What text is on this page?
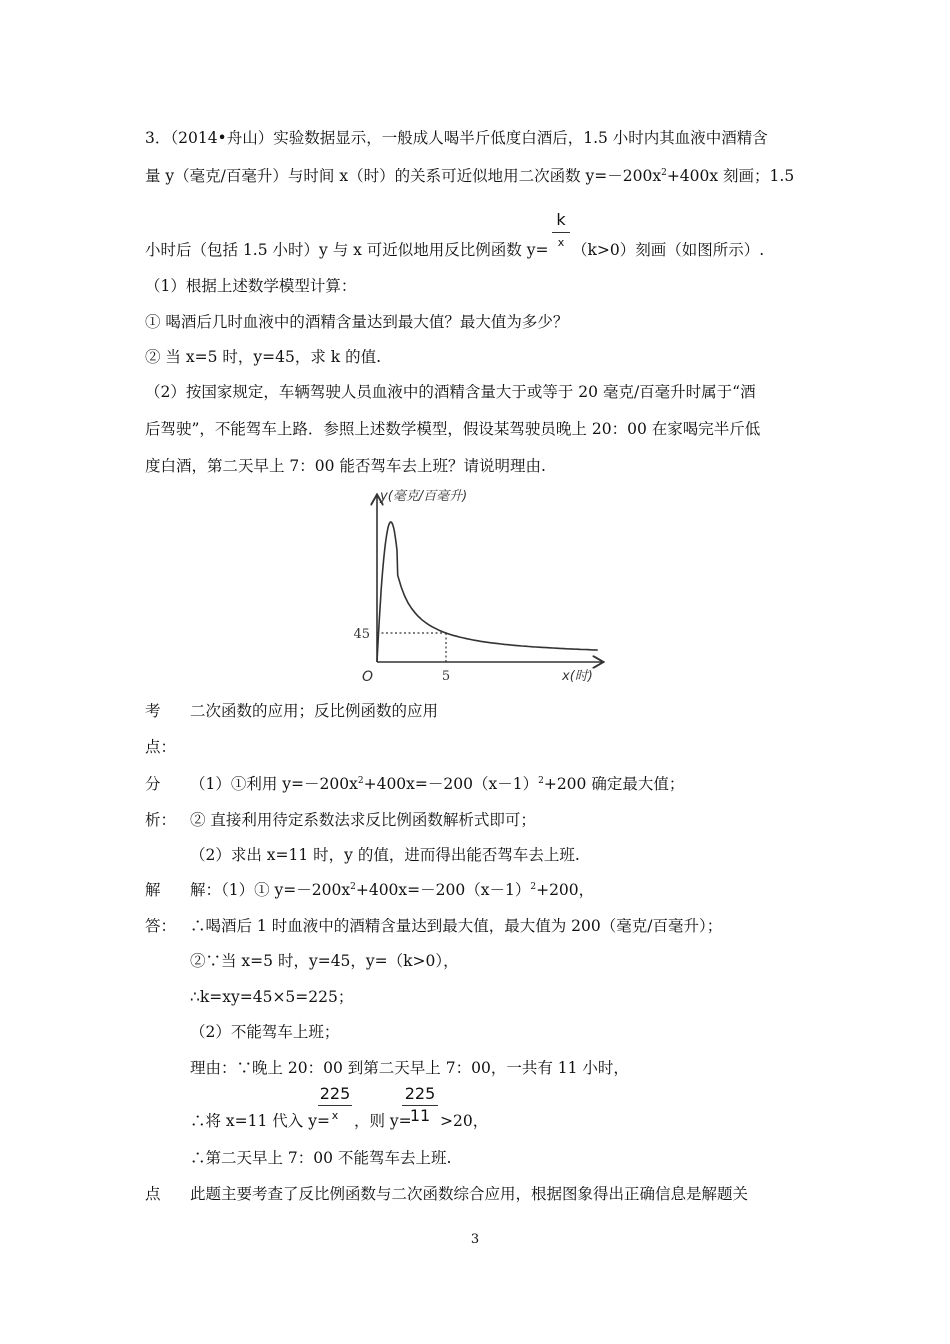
3．（2014•舟山）实验数据显示，一般成人喝半斤低度白酒后，1.5 小时内其血液中酒精含
量 y（毫克/百毫升）与时间 x（时）的关系可近似地用二次函数 $y=-200x^2+400x$ 刻画；1.5
k
x
小时后（包括 1.5 小时）y 与 x 可近似地用反比例函数 y= （k>0）刻画（如图所示）.
（1）根据上述数学模型计算：
① 喝酒后几时血液中的酒精含量达到最大值？最大值为多少？
② 当 x=5 时，y=45，求 k 的值.
（2）按国家规定，车辆驾驶人员血液中的酒精含量大于或等于 20 毫克/百毫升时属于“酒
后驾驶”，不能驾车上路．参照上述数学模型，假设某驾驶员晚上 20：00 在家喝完半斤低
度白酒，第二天早上 7：00 能否驾车去上班？请说明理由.
y(毫克/百毫升)
x(时)
O
45
5
考
点：
二次函数的应用；反比例函数的应用
分
析：
（1）①利用 $y=-200x^2+400x=-200(x-1)^2+200$ 确定最大值；
② 直接利用待定系数法求反比例函数解析式即可；
（2）求出 x=11 时，y 的值，进而得出能否驾车去上班.
解
答：
解：（1）① $y=-200x^2+400x=-200(x-1)^2+200$，
∴喝酒后 1 时血液中的酒精含量达到最大值，最大值为 200（毫克/百毫升）；
②∵当 x=5 时，y=45，y=（k>0），
∴k=xy=45×5=225；
（2）不能驾车上班；
理由：∵晚上 20：00 到第二天早上 7：00，一共有 11 小时，
225
x
225
11
∴将 x=11 代入 y= ，则 y= >20，
∴第二天早上 7：00 不能驾车去上班.
点 此题主要考查了反比例函数与二次函数综合应用，根据图象得出正确信息是解题关
3
